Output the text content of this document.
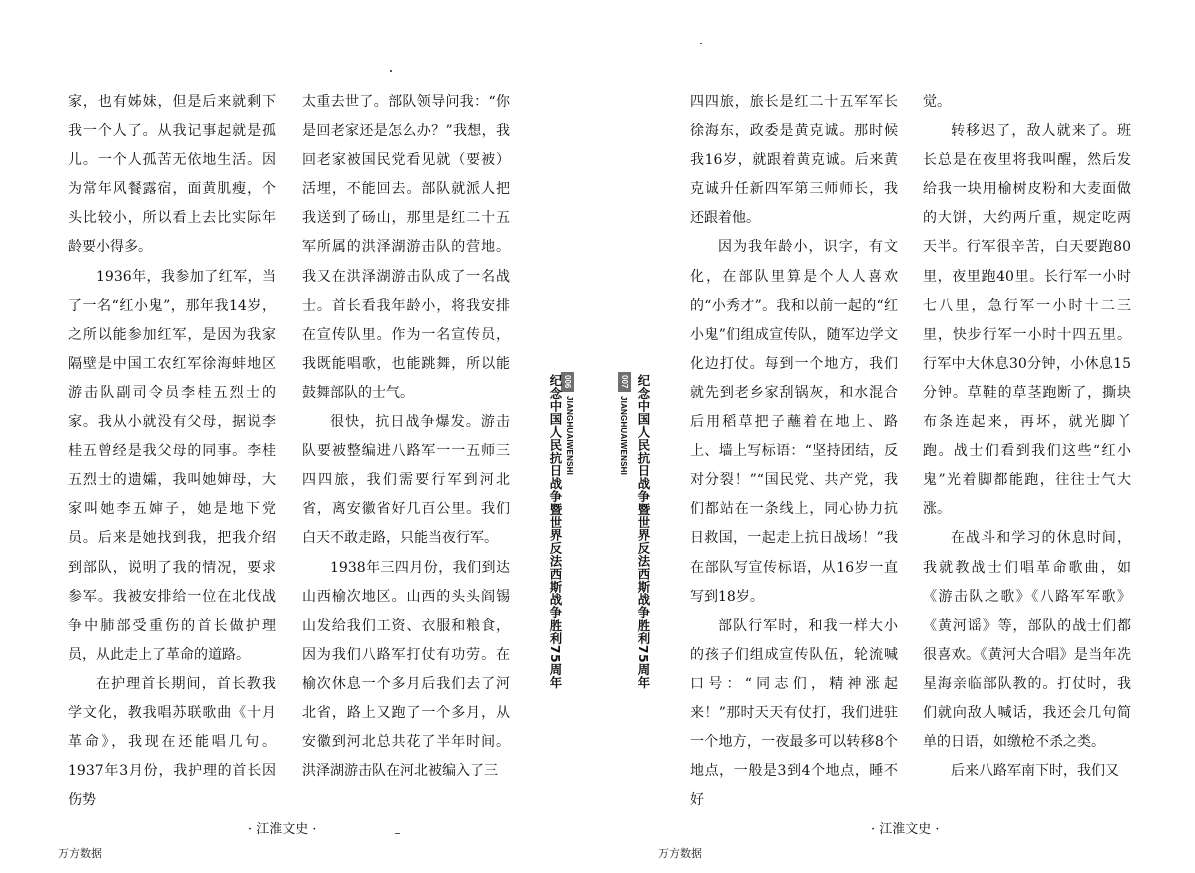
家，也有姊妹，但是后来就剩下我一个人了。从我记事起就是孤儿。一个人孤苦无依地生活。因为常年风餐露宿，面黄肌瘦，个头比较小，所以看上去比实际年龄要小得多。

1936年，我参加了红军，当了一名“红小鬼”，那年我14岁，之所以能参加红军，是因为我家隔壁是中国工农红军徐海蚌地区游击队副司令员李桂五烈士的家。我从小就没有父母，据说李桂五曾经是我父母的同事。李桂五烈士的遗孀，我叫她婶母，大家叫她李五婶子，她是地下党员。后来是她找到我，把我介绍到部队，说明了我的情况，要求参军。我被安排给一位在北伐战争中肺部受重伤的首长做护理员，从此走上了革命的道路。

在护理首长期间，首长教我学文化，教我唱苏联歌曲《十月革命》，我现在还能唱几句。1937年3月份，我护理的首长因伤势

太重去世了。部队领导问我：“你是回老家还是怎么办？”我想，我回老家被国民党看见就（要被）活埋，不能回去。部队就派人把我送到了砀山，那里是红二十五军所属的洪泽湖游击队的营地。我又在洪泽湖游击队成了一名战士。首长看我年龄小，将我安排在宣传队里。作为一名宣传员，我既能唱歌，也能跳舞，所以能鼓舞部队的士气。

很快，抗日战争爆发。游击队要被整编进八路军一一五师三四四旅，我们需要行军到河北省，离安徽省好几百公里。我们白天不敢走路，只能当夜行军。

1938年三四月份，我们到达山西榆次地区。山西的头头阎锡山发给我们工资、衣服和粮食，因为我们八路军打仗有功劳。在榆次休息一个多月后我们去了河北省，路上又跑了一个多月，从安徽到河北总共花了半年时间。洪泽湖游击队在河北被编入了三

006
纪念中国人民抗日战争暨世界反法西斯战争胜利75周年 JIANGHUAIWENSHI
007 纪念中国人民抗日战争暨世界反法西斯战争胜利75周年
JIANGHUAIWENSHI

四四旅，旅长是红二十五军军长徐海东，政委是黄克诚。那时候我16岁，就跟着黄克诚。后来黄克诚升任新四军第三师师长，我还跟着他。

因为我年龄小，识字，有文化，在部队里算是个人人喜欢的“小秀才”。我和以前一起的“红小鬼”们组成宣传队，随军边学文化边打仗。每到一个地方，我们就先到老乡家刮锅灰，和水混合后用稻草把子蘸着在地上、路上、墙上写标语：“坚持团结，反对分裂！”“国民党、共产党，我们都站在一条线上，同心协力抗日救国，一起走上抗日战场！”我在部队写宣传标语，从16岁一直写到18岁。

部队行军时，和我一样大小的孩子们组成宣传队伍，轮流喊口号：“同志们，精神涨起来！”那时天天有仗打，我们进驻一个地方，一夜最多可以转移8个地点，一般是3到4个地点，睡不好

觉。

转移迟了，敌人就来了。班长总是在夜里将我叫醒，然后发给我一块用榆树皮粉和大麦面做的大饼，大约两斤重，规定吃两天半。行军很辛苦，白天要跑80里，夜里跑40里。长行军一小时七八里，急行军一小时十二三里，快步行军一小时十四五里。行军中大休息30分钟，小休息15分钟。草鞋的草茎跑断了，撕块布条连起来，再坏，就光脚丫跑。战士们看到我们这些“红小鬼”光着脚都能跑，往往士气大涨。

在战斗和学习的休息时间，我就教战士们唱革命歌曲，如《游击队之歌》《八路军军歌》《黄河谣》等，部队的战士们都很喜欢。《黄河大合唱》是当年冼星海亲临部队教的。打仗时，我们就向敌人喊话，我还会几句简单的日语，如缴枪不杀之类。

后来八路军南下时，我们又

· 江淮文史 ·	· 江淮文史 ·
万方数据	万方数据
